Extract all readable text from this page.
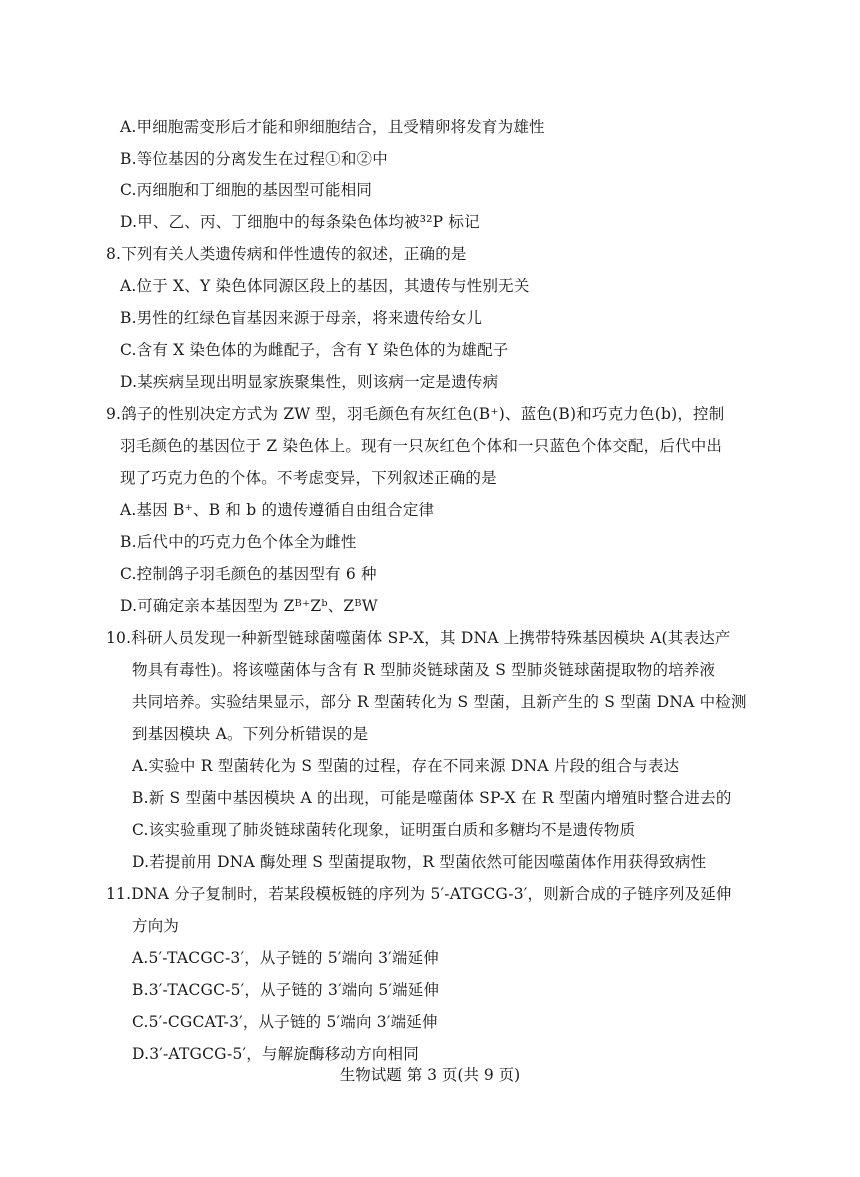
A.甲细胞需变形后才能和卵细胞结合，且受精卵将发育为雄性
B.等位基因的分离发生在过程①和②中
C.丙细胞和丁细胞的基因型可能相同
D.甲、乙、丙、丁细胞中的每条染色体均被³²P 标记
8.下列有关人类遗传病和伴性遗传的叙述，正确的是
A.位于 X、Y 染色体同源区段上的基因，其遗传与性别无关
B.男性的红绿色盲基因来源于母亲，将来遗传给女儿
C.含有 X 染色体的为雌配子，含有 Y 染色体的为雄配子
D.某疾病呈现出明显家族聚集性，则该病一定是遗传病
9.鸽子的性别决定方式为 ZW 型，羽毛颜色有灰红色(B⁺)、蓝色(B)和巧克力色(b)，控制
羽毛颜色的基因位于 Z 染色体上。现有一只灰红色个体和一只蓝色个体交配，后代中出
现了巧克力色的个体。不考虑变异，下列叙述正确的是
A.基因 B⁺、B 和 b 的遗传遵循自由组合定律
B.后代中的巧克力色个体全为雌性
C.控制鸽子羽毛颜色的基因型有 6 种
D.可确定亲本基因型为 Zᴮ⁺Zᵇ、ZᴮW
10.科研人员发现一种新型链球菌噬菌体 SP-X，其 DNA 上携带特殊基因模块 A(其表达产
物具有毒性)。将该噬菌体与含有 R 型肺炎链球菌及 S 型肺炎链球菌提取物的培养液
共同培养。实验结果显示，部分 R 型菌转化为 S 型菌，且新产生的 S 型菌 DNA 中检测
到基因模块 A。下列分析错误的是
A.实验中 R 型菌转化为 S 型菌的过程，存在不同来源 DNA 片段的组合与表达
B.新 S 型菌中基因模块 A 的出现，可能是噬菌体 SP-X 在 R 型菌内增殖时整合进去的
C.该实验重现了肺炎链球菌转化现象，证明蛋白质和多糖均不是遗传物质
D.若提前用 DNA 酶处理 S 型菌提取物，R 型菌依然可能因噬菌体作用获得致病性
11.DNA 分子复制时，若某段模板链的序列为 5′-ATGCG-3′，则新合成的子链序列及延伸
方向为
A.5′-TACGC-3′，从子链的 5′端向 3′端延伸
B.3′-TACGC-5′，从子链的 3′端向 5′端延伸
C.5′-CGCAT-3′，从子链的 5′端向 3′端延伸
D.3′-ATGCG-5′，与解旋酶移动方向相同
生物试题 第 3 页(共 9 页)
